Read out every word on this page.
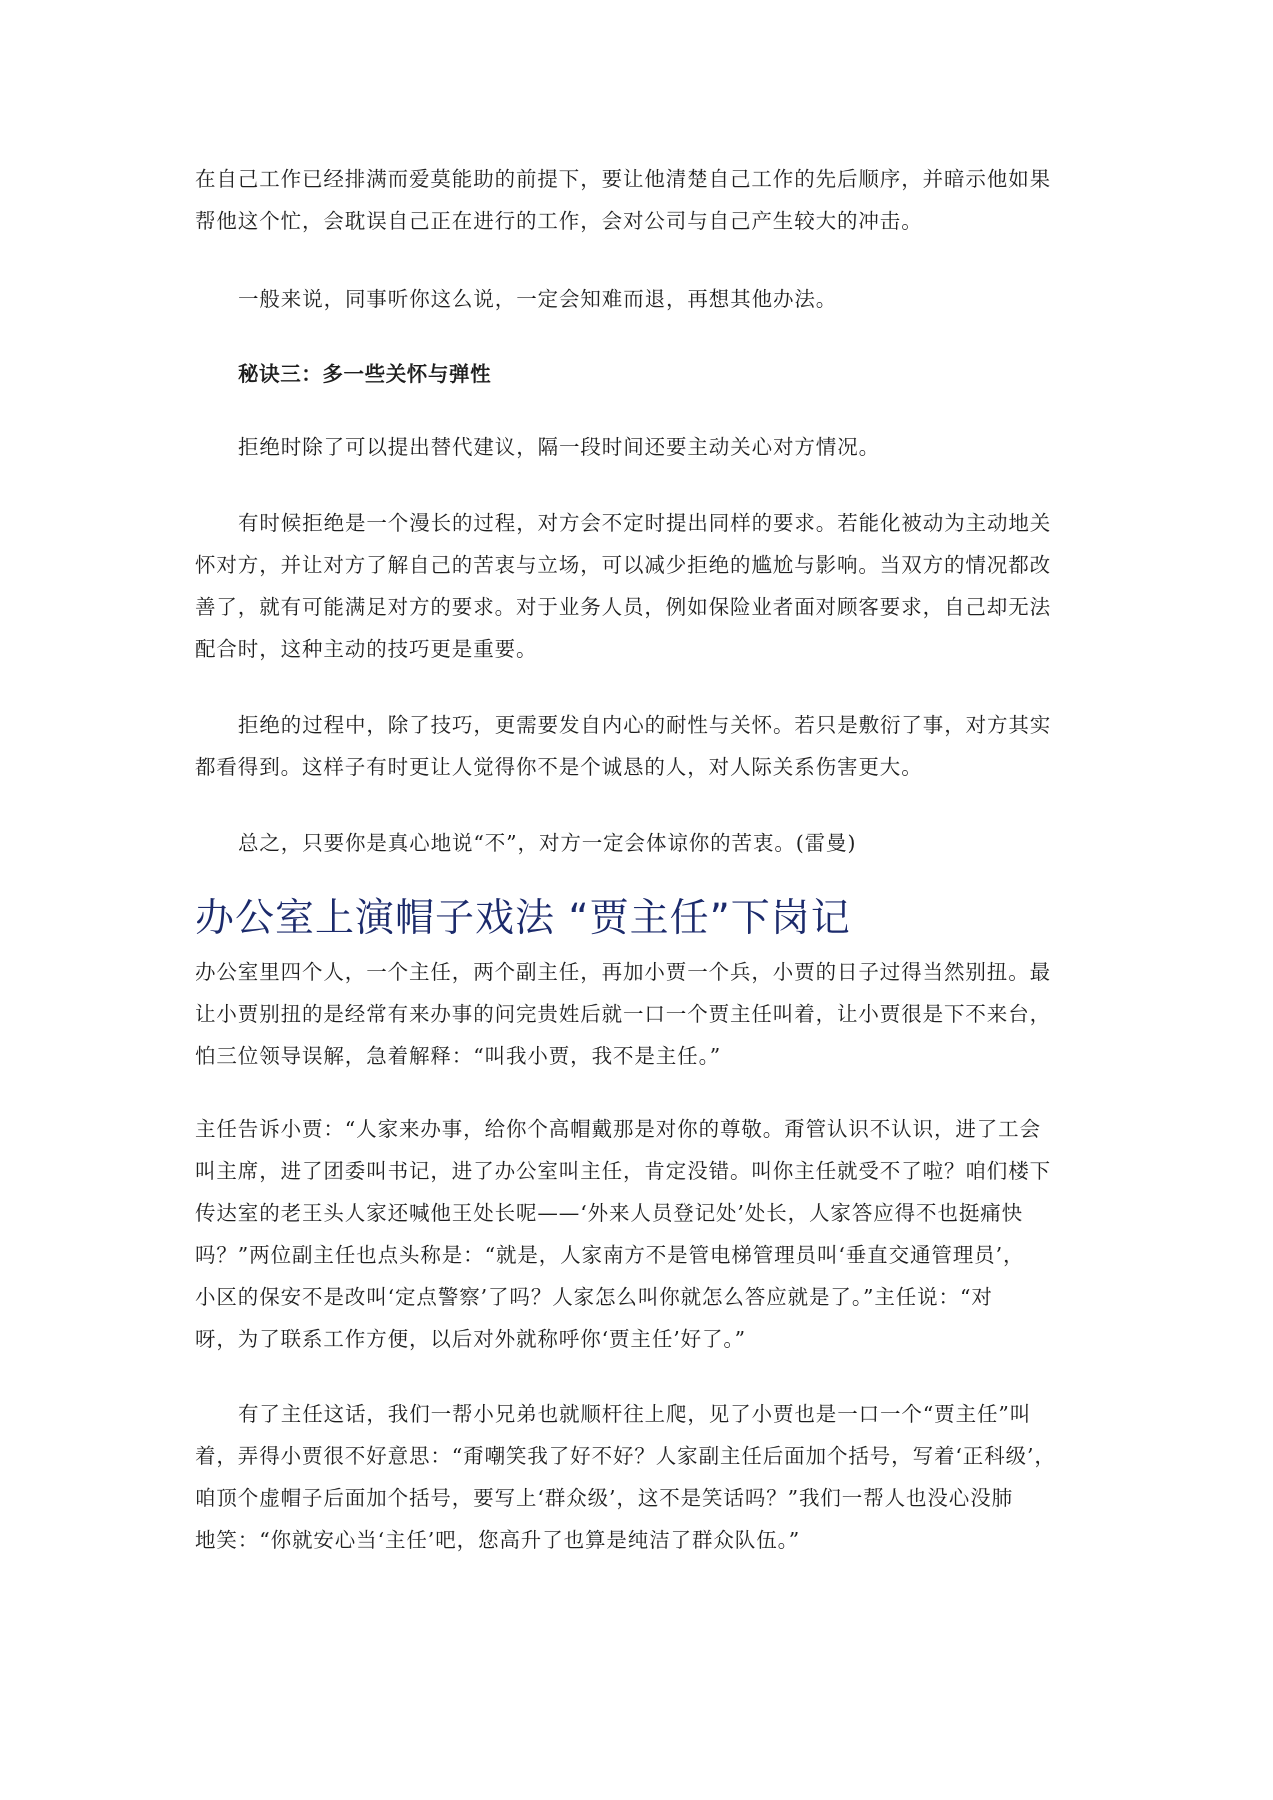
在自己工作已经排满而爱莫能助的前提下，要让他清楚自己工作的先后顺序，并暗示他如果
帮他这个忙，会耽误自己正在进行的工作，会对公司与自己产生较大的冲击。
一般来说，同事听你这么说，一定会知难而退，再想其他办法。
秘诀三：多一些关怀与弹性
拒绝时除了可以提出替代建议，隔一段时间还要主动关心对方情况。
有时候拒绝是一个漫长的过程，对方会不定时提出同样的要求。若能化被动为主动地关
怀对方，并让对方了解自己的苦衷与立场，可以减少拒绝的尴尬与影响。当双方的情况都改
善了，就有可能满足对方的要求。对于业务人员，例如保险业者面对顾客要求，自己却无法
配合时，这种主动的技巧更是重要。
拒绝的过程中，除了技巧，更需要发自内心的耐性与关怀。若只是敷衍了事，对方其实
都看得到。这样子有时更让人觉得你不是个诚恳的人，对人际关系伤害更大。
总之，只要你是真心地说“不”，对方一定会体谅你的苦衷。(雷曼)
办公室上演帽子戏法 “贾主任”下岗记
办公室里四个人，一个主任，两个副主任，再加小贾一个兵，小贾的日子过得当然别扭。最
让小贾别扭的是经常有来办事的问完贵姓后就一口一个贾主任叫着，让小贾很是下不来台，
怕三位领导误解，急着解释：“叫我小贾，我不是主任。”
主任告诉小贾：“人家来办事，给你个高帽戴那是对你的尊敬。甭管认识不认识，进了工会
叫主席，进了团委叫书记，进了办公室叫主任，肯定没错。叫你主任就受不了啦？咱们楼下
传达室的老王头人家还喊他王处长呢——‘外来人员登记处’处长，人家答应得不也挺痛快
吗？”两位副主任也点头称是：“就是，人家南方不是管电梯管理员叫‘垂直交通管理员’，
小区的保安不是改叫‘定点警察’了吗？人家怎么叫你就怎么答应就是了。”主任说：“对
呀，为了联系工作方便，以后对外就称呼你‘贾主任’好了。”
有了主任这话，我们一帮小兄弟也就顺杆往上爬，见了小贾也是一口一个“贾主任”叫
着，弄得小贾很不好意思：“甭嘲笑我了好不好？人家副主任后面加个括号，写着‘正科级’，
咱顶个虚帽子后面加个括号，要写上‘群众级’，这不是笑话吗？”我们一帮人也没心没肺
地笑：“你就安心当‘主任’吧，您高升了也算是纯洁了群众队伍。”
